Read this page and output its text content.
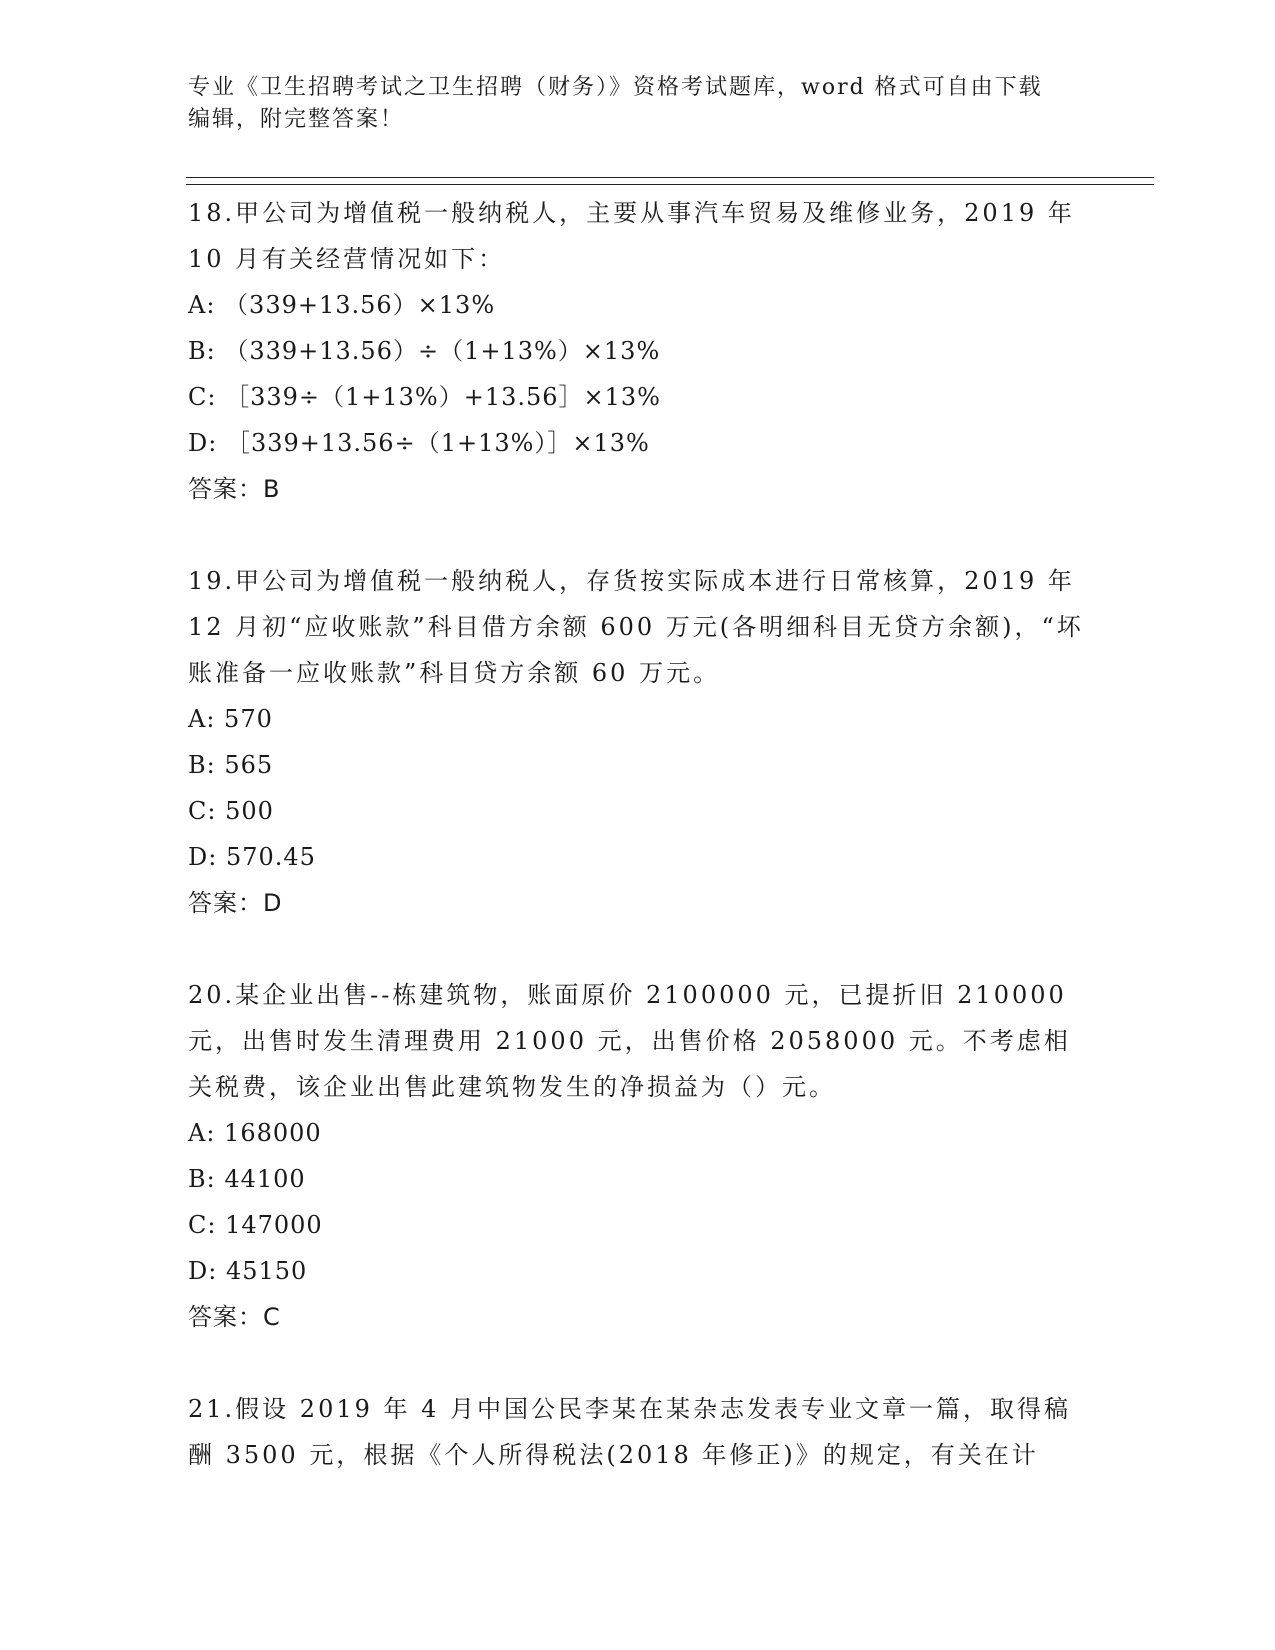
专业《卫生招聘考试之卫生招聘（财务）》资格考试题库，word 格式可自由下载
编辑，附完整答案！
18.甲公司为增值税一般纳税人，主要从事汽车贸易及维修业务，2019 年 10 月有关经营情况如下：
A: （339+13.56）×13%
B: （339+13.56）÷（1+13%）×13%
C: ［339÷（1+13%）+13.56］×13%
D: ［339+13.56÷（1+13%）］×13%
答案：B
19.甲公司为增值税一般纳税人，存货按实际成本进行日常核算，2019 年 12 月初“应收账款”科目借方余额 600 万元(各明细科目无贷方余额)，“坏账准备一应收账款”科目贷方余额 60 万元。
A: 570
B: 565
C: 500
D: 570.45
答案：D
20.某企业出售--栋建筑物，账面原价 2100000 元，已提折旧 210000 元，出售时发生清理费用 21000 元，出售价格 2058000 元。不考虑相关税费，该企业出售此建筑物发生的净损益为（）元。
A: 168000
B: 44100
C: 147000
D: 45150
答案：C
21.假设 2019 年 4 月中国公民李某在某杂志发表专业文章一篇，取得稿酬 3500 元，根据《个人所得税法(2018 年修正)》的规定，有关在计
